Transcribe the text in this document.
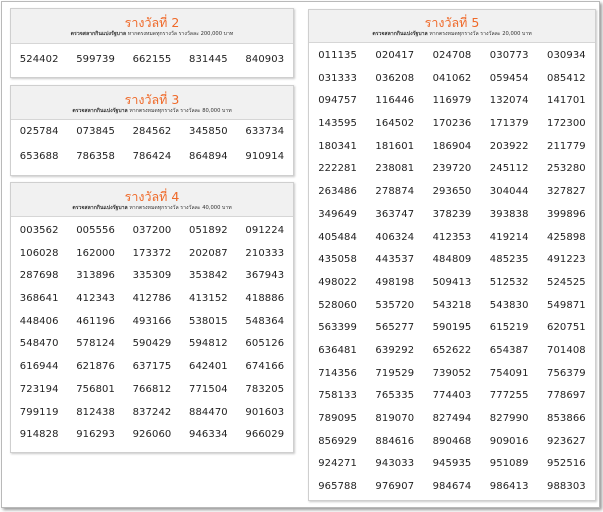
รางวัลที่ 2
ตรวจสลากกินแบ่งรัฐบาล หากตรงหมดทุกรางวัล รางวัลละ 200,000 บาท
524402	599739	662155	831445	840903
รางวัลที่ 3
ตรวจสลากกินแบ่งรัฐบาล หากตรงหมดทุกรางวัล รางวัลละ 80,000 บาท
025784	073845	284562	345850	633734
653688	786358	786424	864894	910914
รางวัลที่ 4
ตรวจสลากกินแบ่งรัฐบาล หากตรงหมดทุกรางวัล รางวัลละ 40,000 บาท
003562	005556	037200	051892	091224
106028	162000	173372	202087	210333
287698	313896	335309	353842	367943
368641	412343	412786	413152	418886
448406	461196	493166	538015	548364
548470	578124	590429	594812	605126
616944	621876	637175	642401	674166
723194	756801	766812	771504	783205
799119	812438	837242	884470	901603
914828	916293	926060	946334	966029
รางวัลที่ 5
ตรวจสลากกินแบ่งรัฐบาล หากตรงหมดทุกรางวัล รางวัลละ 20,000 บาท
011135	020417	024708	030773	030934
031333	036208	041062	059454	085412
094757	116446	116979	132074	141701
143595	164502	170236	171379	172300
180341	181601	186904	203922	211779
222281	238081	239720	245112	253280
263486	278874	293650	304044	327827
349649	363747	378239	393838	399896
405484	406324	412353	419214	425898
435058	443537	484809	485235	491223
498022	498198	509413	512532	524525
528060	535720	543218	543830	549871
563399	565277	590195	615219	620751
636481	639292	652622	654387	701408
714356	719529	739052	754091	756379
758133	765335	774403	777255	778697
789095	819070	827494	827990	853866
856929	884616	890468	909016	923627
924271	943033	945935	951089	952516
965788	976907	984674	986413	988303
